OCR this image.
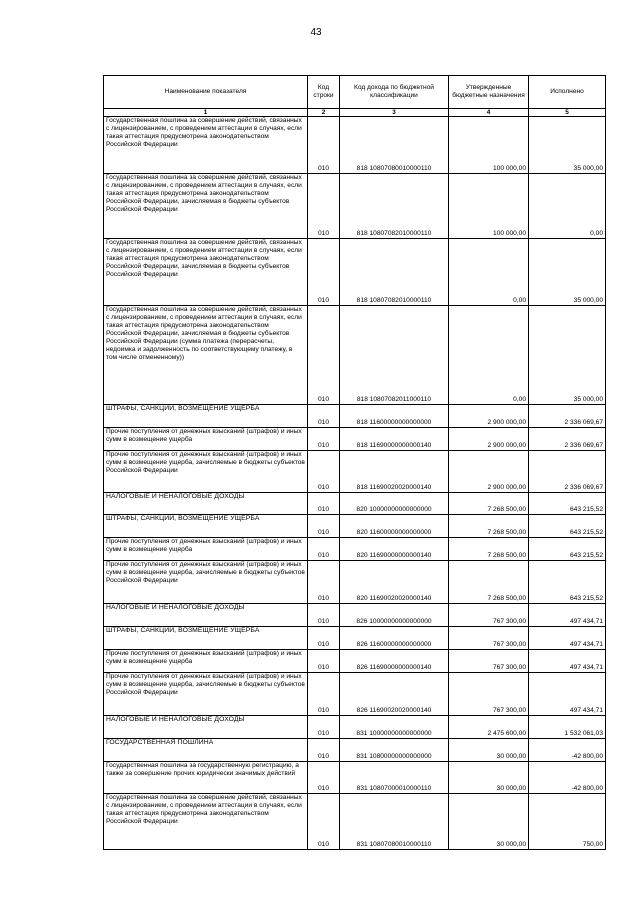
43
Наименование показателя	Код строки	Код дохода по бюджетной классификации	Утвержденные бюджетные назначения	Исполнено
1	2	3	4	5
Государственная пошлина за совершение действий, связанных с лицензированием, с проведением аттестации в случаях, если такая аттестация предусмотрена законодательством Российской Федерации	010	818 10807080010000110	100 000,00	35 000,00
Государственная пошлина за совершение действий, связанных с лицензированием, с проведением аттестации в случаях, если такая аттестация предусмотрена законодательством Российской Федерации, зачисляемая в бюджеты субъектов Российской Федерации	010	818 10807082010000110	100 000,00	0,00
Государственная пошлина за совершение действий, связанных с лицензированием, с проведением аттестации в случаях, если такая аттестация предусмотрена законодательством Российской Федерации, зачисляемая в бюджеты субъектов Российской Федерации	010	818 10807082010000110	0,00	35 000,00
Государственная пошлина за совершение действий, связанных с лицензированием, с проведением аттестации в случаях, если такая аттестация предусмотрена законодательством Российской Федерации, зачисляемая в бюджеты субъектов Российской Федерации (сумма платежа (перерасчеты, недоимка и задолженность по соответствующему платежу, в том числе отмененному))	010	818 10807082011000110	0,00	35 000,00
ШТРАФЫ, САНКЦИИ, ВОЗМЕЩЕНИЕ УЩЕРБА	010	818 11600000000000000	2 900 000,00	2 336 069,67
Прочие поступления от денежных взысканий (штрафов) и иных сумм в возмещение ущерба	010	818 11690000000000140	2 900 000,00	2 336 069,67
Прочие поступления от денежных взысканий (штрафов) и иных сумм в возмещение ущерба, зачисляемые в бюджеты субъектов Российской Федерации	010	818 11690020020000140	2 900 000,00	2 336 069,67
НАЛОГОВЫЕ И НЕНАЛОГОВЫЕ ДОХОДЫ	010	820 10000000000000000	7 268 500,00	643 215,52
ШТРАФЫ, САНКЦИИ, ВОЗМЕЩЕНИЕ УЩЕРБА	010	820 11600000000000000	7 268 500,00	643 215,52
Прочие поступления от денежных взысканий (штрафов) и иных сумм в возмещение ущерба	010	820 11690000000000140	7 268 500,00	643 215,52
Прочие поступления от денежных взысканий (штрафов) и иных сумм в возмещение ущерба, зачисляемые в бюджеты субъектов Российской Федерации	010	820 11690020020000140	7 268 500,00	643 215,52
НАЛОГОВЫЕ И НЕНАЛОГОВЫЕ ДОХОДЫ	010	826 10000000000000000	767 300,00	497 434,71
ШТРАФЫ, САНКЦИИ, ВОЗМЕЩЕНИЕ УЩЕРБА	010	826 11600000000000000	767 300,00	497 434,71
Прочие поступления от денежных взысканий (штрафов) и иных сумм в возмещение ущерба	010	826 11690000000000140	767 300,00	497 434,71
Прочие поступления от денежных взысканий (штрафов) и иных сумм в возмещение ущерба, зачисляемые в бюджеты субъектов Российской Федерации	010	826 11690020020000140	767 300,00	497 434,71
НАЛОГОВЫЕ И НЕНАЛОГОВЫЕ ДОХОДЫ	010	831 10000000000000000	2 475 600,00	1 532 061,03
ГОСУДАРСТВЕННАЯ ПОШЛИНА	010	831 10800000000000000	30 000,00	-42 800,00
Государственная пошлина за государственную регистрацию, а также за совершение прочих юридически значимых действий	010	831 10807000010000110	30 000,00	-42 800,00
Государственная пошлина за совершение действий, связанных с лицензированием, с проведением аттестации в случаях, если такая аттестация предусмотрена законодательством Российской Федерации	010	831 10807080010000110	30 000,00	750,00
